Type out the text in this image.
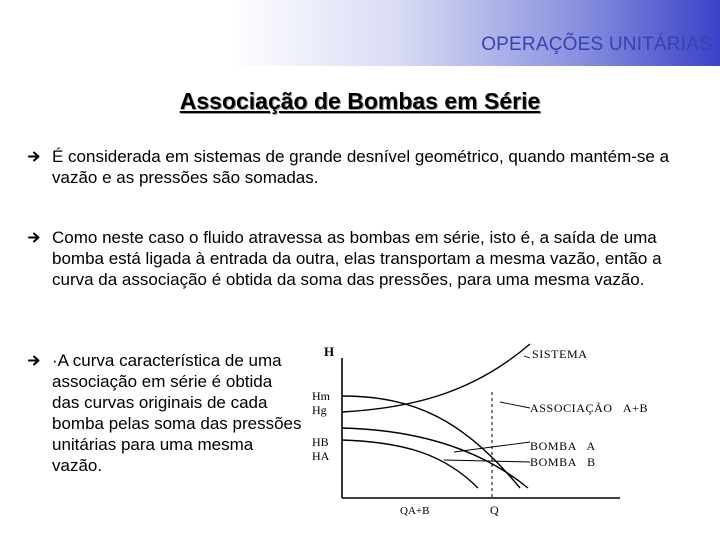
OPERAÇÕES UNITÁRIAS
Associação de Bombas em Série
É considerada em sistemas de grande desnível geométrico, quando mantém-se a vazão e as pressões são somadas.
Como neste caso o fluido atravessa as bombas em série, isto é, a saída de uma bomba está ligada à entrada da outra, elas transportam a mesma vazão, então a curva da associação é obtida da soma das pressões, para uma mesma vazão.
·A curva característica de uma associação em série é obtida das curvas originais de cada bomba pelas soma das pressões unitárias para uma mesma vazão.
H
Hm
Hg
HB
HA
QA+B	Q
SISTEMA
ASSOCIAÇÃO   A+B
BOMBA   A
BOMBA   B
